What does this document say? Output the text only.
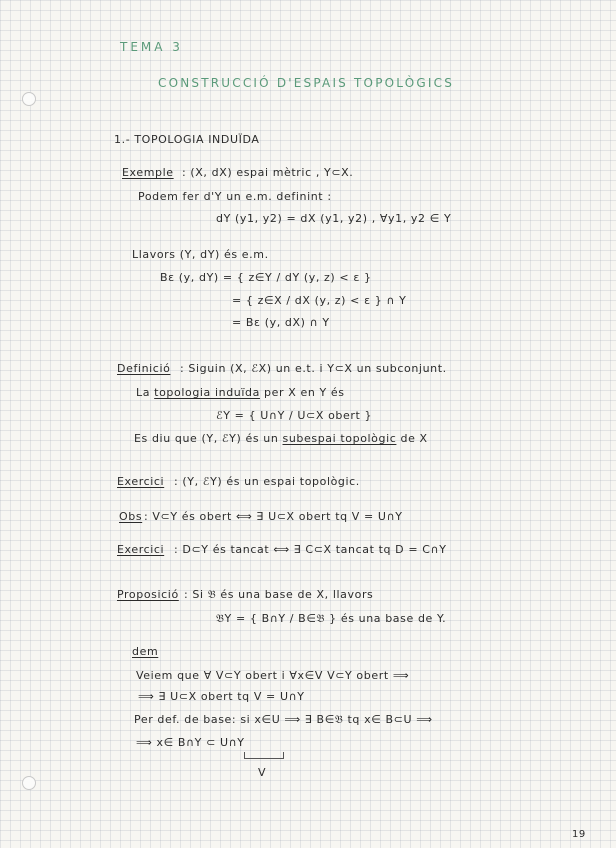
TEMA 3
CONSTRUCCIÓ D'ESPAIS TOPOLÒGICS
1.- TOPOLOGIA INDUÏDA
Exemple : (X, dX) espai mètric , Y⊂X.
Podem fer d'Y un e.m. definint :
dY (y1, y2) = dX (y1, y2) , ∀y1, y2 ∈ Y
Llavors (Y, dY) és e.m.
Bε (y, dY) = { z∈Y / dY (y, z) < ε }
= { z∈X / dX (y, z) < ε } ∩ Y
= Bε (y, dX) ∩ Y
Definició : Siguin (X, ℰX) un e.t. i Y⊂X un subconjunt.
La topologia induïda per X en Y és
ℰY = { U∩Y / U⊂X obert }
Es diu que (Y, ℰY) és un subespai topològic de X
Exercici : (Y, ℰY) és un espai topològic.
Obs : V⊂Y és obert ⟺ ∃ U⊂X obert tq V = U∩Y
Exercici : D⊂Y és tancat ⟺ ∃ C⊂X tancat tq D = C∩Y
Proposició : Si 𝔅 és una base de X, llavors
𝔅Y = { B∩Y / B∈𝔅 } és una base de Y.
dem
Veiem que ∀ V⊂Y obert i ∀x∈V V⊂Y obert ⟹
⟹ ∃ U⊂X obert tq V = U∩Y
Per def. de base: si x∈U ⟹ ∃ B∈𝔅 tq x∈ B⊂U ⟹
⟹ x∈ B∩Y ⊂ U∩Y
V
19
